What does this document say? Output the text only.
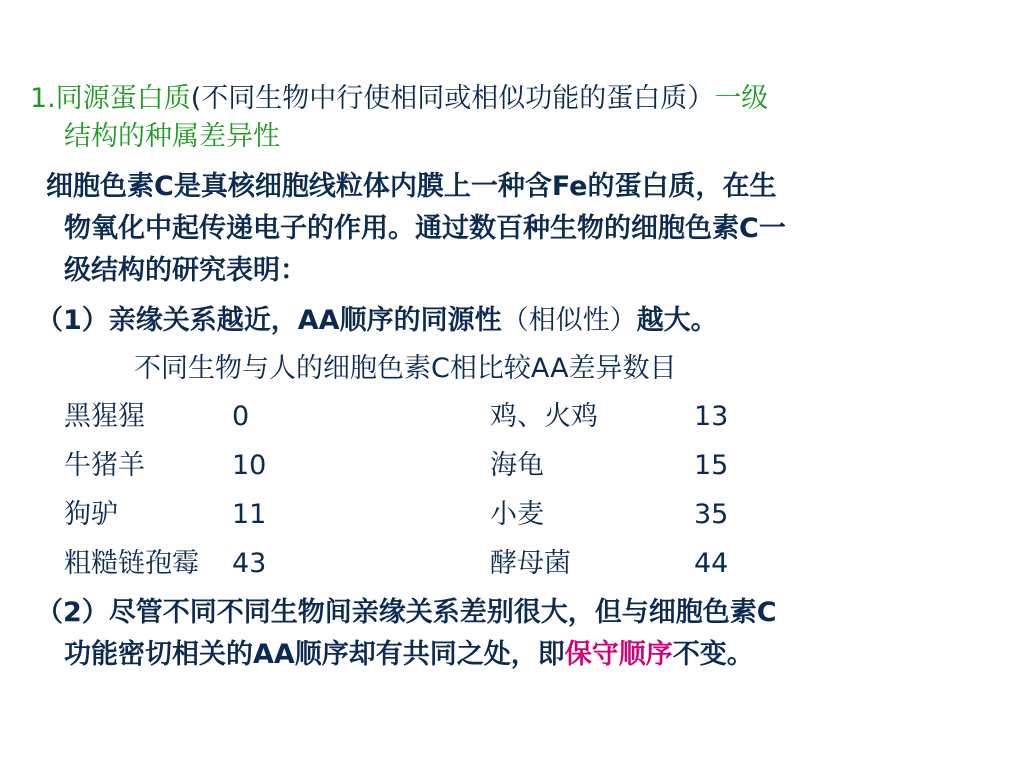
1.同源蛋白质(不同生物中行使相同或相似功能的蛋白质）一级
结构的种属差异性
细胞色素C是真核细胞线粒体内膜上一种含Fe的蛋白质，在生
物氧化中起传递电子的作用。通过数百种生物的细胞色素C一
级结构的研究表明：
（1）亲缘关系越近，AA顺序的同源性（相似性）越大。
不同生物与人的细胞色素C相比较AA差异数目
黑猩猩	0	鸡、火鸡	13
牛猪羊	10	海龟	15
狗驴	11	小麦	35
粗糙链孢霉 43	酵母菌	44
（2）尽管不同不同生物间亲缘关系差别很大，但与细胞色素C
功能密切相关的AA顺序却有共同之处，即保守顺序不变。
